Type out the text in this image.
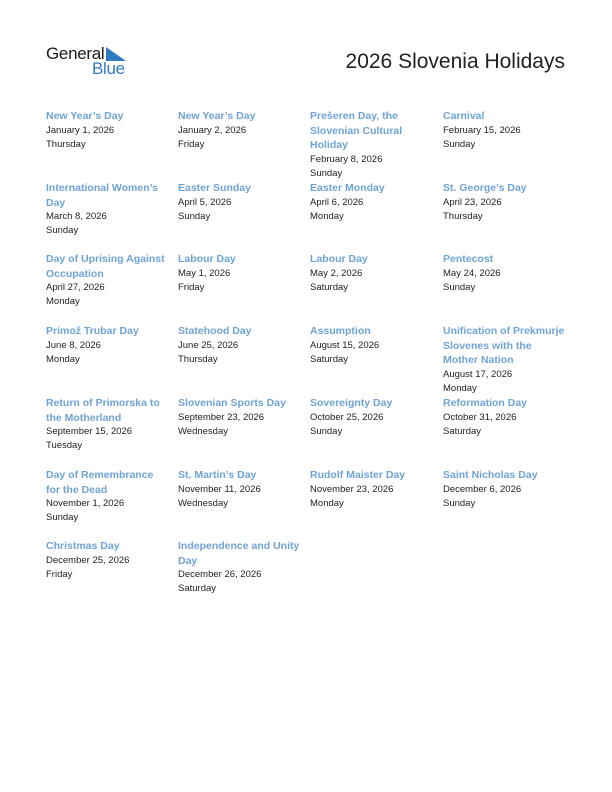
General
Blue	2026 Slovenia Holidays
New Year’s Day
January 1, 2026
Thursday
New Year’s Day
January 2, 2026
Friday
Prešeren Day, the Slovenian Cultural Holiday
February 8, 2026
Sunday
Carnival
February 15, 2026
Sunday
International Women’s Day
March 8, 2026
Sunday
Easter Sunday
April 5, 2026
Sunday
Easter Monday
April 6, 2026
Monday
St. George’s Day
April 23, 2026
Thursday
Day of Uprising Against Occupation
April 27, 2026
Monday
Labour Day
May 1, 2026
Friday
Labour Day
May 2, 2026
Saturday
Pentecost
May 24, 2026
Sunday
Primož Trubar Day
June 8, 2026
Monday
Statehood Day
June 25, 2026
Thursday
Assumption
August 15, 2026
Saturday
Unification of Prekmurje Slovenes with the Mother Nation
August 17, 2026
Monday
Return of Primorska to the Motherland
September 15, 2026
Tuesday
Slovenian Sports Day
September 23, 2026
Wednesday
Sovereignty Day
October 25, 2026
Sunday
Reformation Day
October 31, 2026
Saturday
Day of Remembrance for the Dead
November 1, 2026
Sunday
St. Martin’s Day
November 11, 2026
Wednesday
Rudolf Maister Day
November 23, 2026
Monday
Saint Nicholas Day
December 6, 2026
Sunday
Christmas Day
December 25, 2026
Friday
Independence and Unity Day
December 26, 2026
Saturday
